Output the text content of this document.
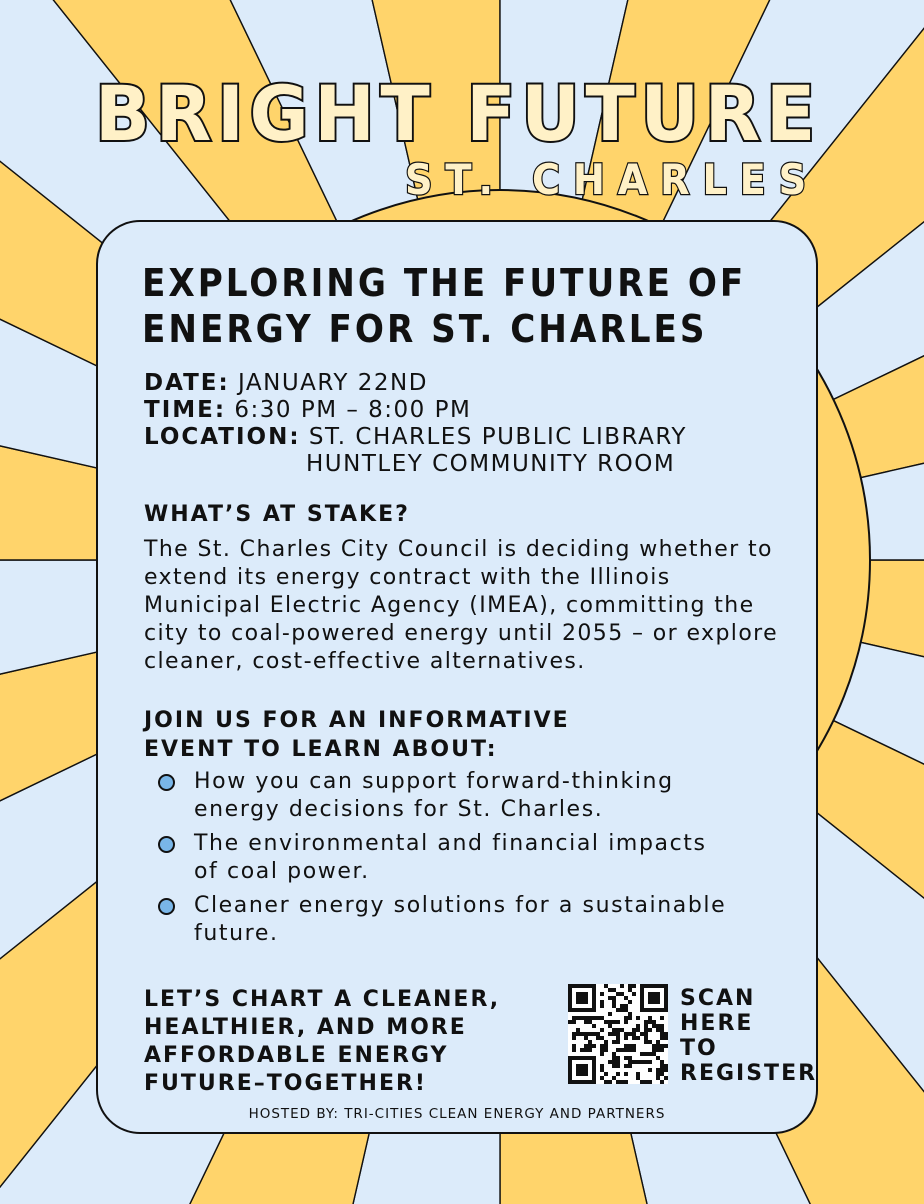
BRIGHT FUTURE
ST. CHARLES
EXPLORING THE FUTURE OF ENERGY FOR ST. CHARLES
DATE: JANUARY 22ND
TIME: 6:30 PM – 8:00 PM
LOCATION: ST. CHARLES PUBLIC LIBRARY
HUNTLEY COMMUNITY ROOM
WHAT’S AT STAKE?

The St. Charles City Council is deciding whether to extend its energy contract with the Illinois Municipal Electric Agency (IMEA), committing the city to coal-powered energy until 2055 – or explore cleaner, cost-effective alternatives.

JOIN US FOR AN INFORMATIVE EVENT TO LEARN ABOUT:
How you can support forward-thinking energy decisions for St. Charles.
The environmental and financial impacts of coal power.
Cleaner energy solutions for a sustainable future.

LET’S CHART A CLEANER, HEALTHIER, AND MORE AFFORDABLE ENERGY FUTURE–TOGETHER!

SCAN
HERE
TO
REGISTER

HOSTED BY: TRI-CITIES CLEAN ENERGY AND PARTNERS
